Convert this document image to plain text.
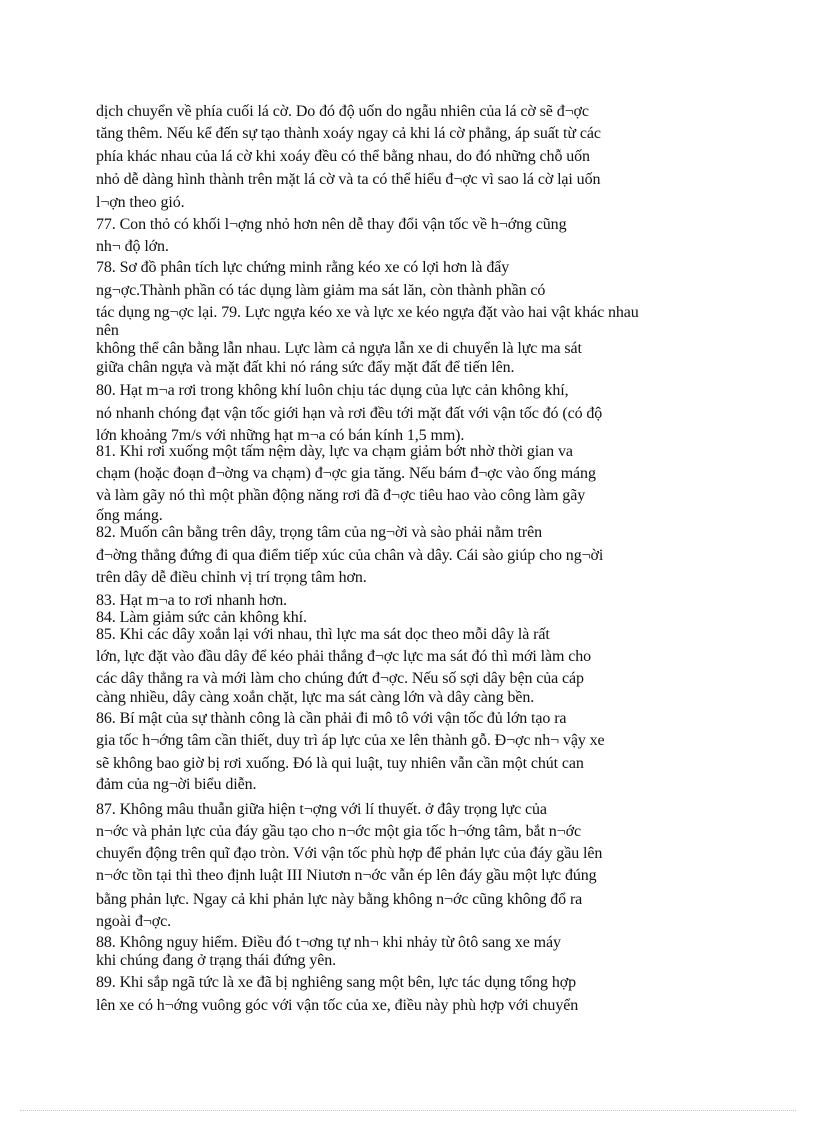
dịch chuyển về phía cuối lá cờ. Do đó độ uốn do ngẫu nhiên của lá cờ sẽ đ¬ợc
tăng thêm. Nếu kể đến sự tạo thành xoáy ngay cả khi lá cờ phẳng, áp suất từ các
phía khác nhau của lá cờ khi xoáy đều có thể bằng nhau, do đó những chỗ uốn
nhỏ dễ dàng hình thành trên mặt lá cờ và ta có thể hiểu đ¬ợc vì sao lá cờ lại uốn
l¬ợn theo gió.
77. Con thỏ có khối l¬ợng nhỏ hơn nên dễ thay đổi vận tốc về h¬ớng cũng
nh¬ độ lớn.
78. Sơ đồ phân tích lực chứng minh rằng kéo xe có lợi hơn là đẩy
ng¬ợc.Thành phần có tác dụng làm giảm ma sát lăn, còn thành phần có
tác dụng ng¬ợc lại. 79. Lực ngựa kéo xe và lực xe kéo ngựa đặt vào hai vật khác nhau
nên
không thể cân bằng lẫn nhau. Lực làm cả ngựa lẫn xe di chuyển là lực ma sát
giữa chân ngựa và mặt đất khi nó ráng sức đẩy mặt đất để tiến lên.
80. Hạt m¬a rơi trong không khí luôn chịu tác dụng của lực cản không khí,
nó nhanh chóng đạt vận tốc giới hạn và rơi đều tới mặt đất với vận tốc đó (có độ
lớn khoảng 7m/s với những hạt m¬a có bán kính 1,5 mm).
81. Khi rơi xuống một tấm nệm dày, lực va chạm giảm bớt nhờ thời gian va
chạm (hoặc đoạn đ¬ờng va chạm) đ¬ợc gia tăng. Nếu bám đ¬ợc vào ống máng
và làm gãy nó thì một phần động năng rơi đã đ¬ợc tiêu hao vào công làm gãy
ống máng.
82. Muốn cân bằng trên dây, trọng tâm của ng¬ời và sào phải nằm trên
đ¬ờng thẳng đứng đi qua điểm tiếp xúc của chân và dây. Cái sào giúp cho ng¬ời
trên dây dễ điều chỉnh vị trí trọng tâm hơn.
83. Hạt m¬a to rơi nhanh hơn.
84. Làm giảm sức cản không khí.
85. Khi các dây xoắn lại với nhau, thì lực ma sát dọc theo mỗi dây là rất
lớn, lực đặt vào đầu dây để kéo phải thắng đ¬ợc lực ma sát đó thì mới làm cho
các dây thẳng ra và mới làm cho chúng đứt đ¬ợc. Nếu số sợi dây bện của cáp
càng nhiều, dây càng xoắn chặt, lực ma sát càng lớn và dây càng bền.
86. Bí mật của sự thành công là cần phải đi mô tô với vận tốc đủ lớn tạo ra
gia tốc h¬ớng tâm cần thiết, duy trì áp lực của xe lên thành gỗ. Đ¬ợc nh¬ vậy xe
sẽ không bao giờ bị rơi xuống. Đó là qui luật, tuy nhiên vẫn cần một chút can
đảm của ng¬ời biểu diễn.
87. Không mâu thuẫn giữa hiện t¬ợng với lí thuyết. ở đây trọng lực của
n¬ớc và phản lực của đáy gầu tạo cho n¬ớc một gia tốc h¬ớng tâm, bắt n¬ớc
chuyển động trên quĩ đạo tròn. Với vận tốc phù hợp để phản lực của đáy gầu lên
n¬ớc tồn tại thì theo định luật III Niutơn n¬ớc vẫn ép lên đáy gầu một lực đúng
bằng phản lực. Ngay cả khi phản lực này bằng không n¬ớc cũng không đổ ra
ngoài đ¬ợc.
88. Không nguy hiểm. Điều đó t¬ơng tự nh¬ khi nhảy từ ôtô sang xe máy
khi chúng đang ở trạng thái đứng yên.
89. Khi sắp ngã tức là xe đã bị nghiêng sang một bên, lực tác dụng tổng hợp
lên xe có h¬ớng vuông góc với vận tốc của xe, điều này phù hợp với chuyển
